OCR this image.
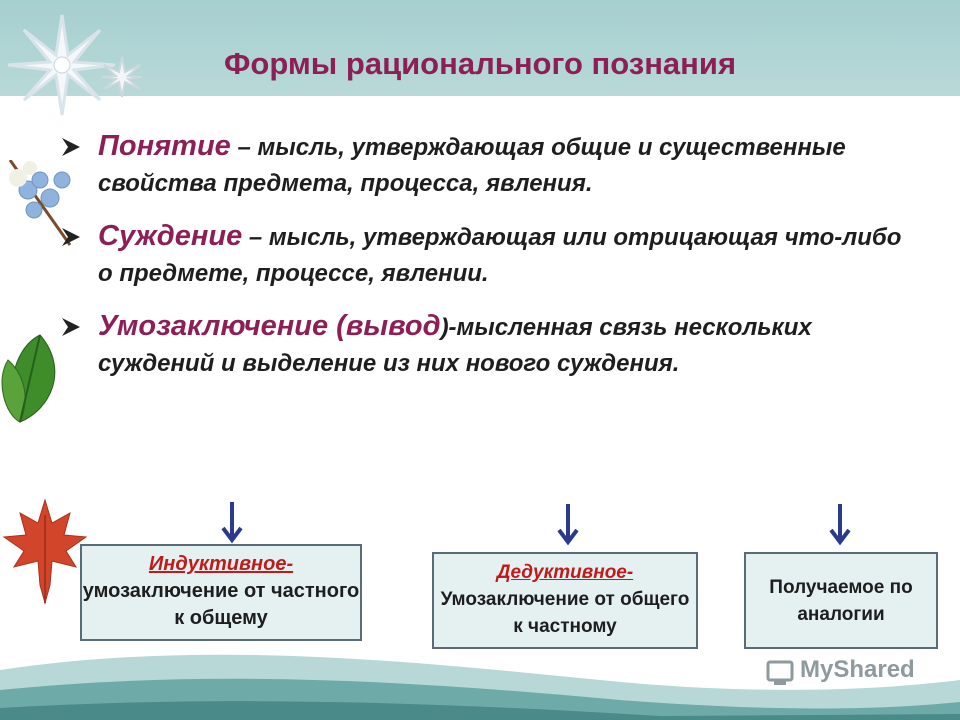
Формы рационального познания
Понятие – мысль, утверждающая общие и существенные свойства предмета, процесса, явления.
Суждение – мысль, утверждающая или отрицающая что-либо о предмете, процессе, явлении.
Умозаключение (вывод)-мысленная связь нескольких суждений и выделение из них нового суждения.
Индуктивное-
умозаключение от частного к общему
Дедуктивное-
Умозаключение от общего к частному
Получаемое по аналогии
MyShared
